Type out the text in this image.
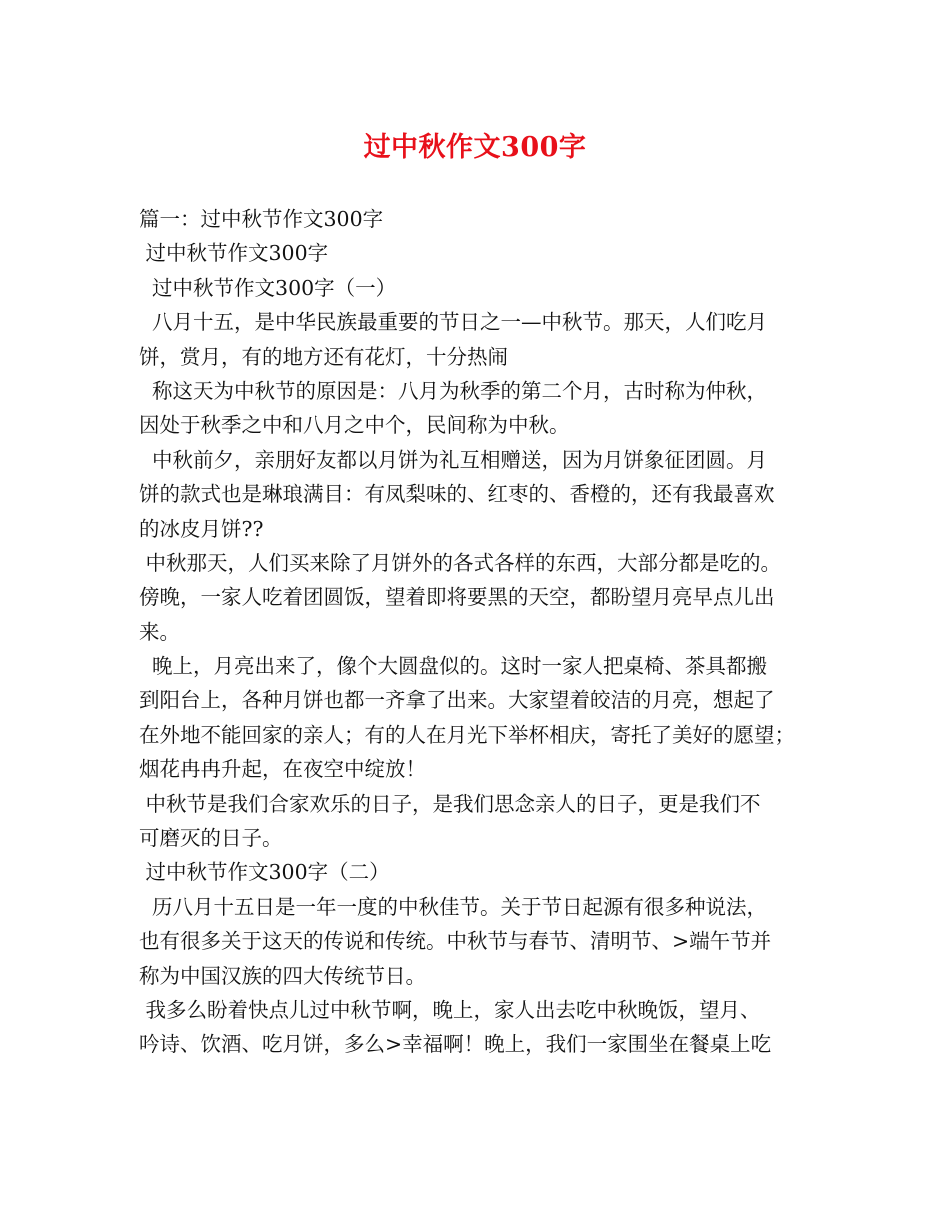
过中秋作文300字
篇一：过中秋节作文300字
过中秋节作文300字
过中秋节作文300字（一）
八月十五，是中华民族最重要的节日之一—中秋节。那天，人们吃月
饼，赏月，有的地方还有花灯，十分热闹
称这天为中秋节的原因是：八月为秋季的第二个月，古时称为仲秋，
因处于秋季之中和八月之中个，民间称为中秋。
中秋前夕，亲朋好友都以月饼为礼互相赠送，因为月饼象征团圆。月
饼的款式也是琳琅满目：有凤梨味的、红枣的、香橙的，还有我最喜欢
的冰皮月饼??
中秋那天，人们买来除了月饼外的各式各样的东西，大部分都是吃的。
傍晚，一家人吃着团圆饭，望着即将要黑的天空，都盼望月亮早点儿出
来。
晚上，月亮出来了，像个大圆盘似的。这时一家人把桌椅、茶具都搬
到阳台上，各种月饼也都一齐拿了出来。大家望着皎洁的月亮，想起了
在外地不能回家的亲人；有的人在月光下举杯相庆，寄托了美好的愿望；
烟花冉冉升起，在夜空中绽放！
中秋节是我们合家欢乐的日子，是我们思念亲人的日子，更是我们不
可磨灭的日子。
过中秋节作文300字（二）
历八月十五日是一年一度的中秋佳节。关于节日起源有很多种说法，
也有很多关于这天的传说和传统。中秋节与春节、清明节、>端午节并
称为中国汉族的四大传统节日。
我多么盼着快点儿过中秋节啊，晚上，家人出去吃中秋晚饭，望月、
吟诗、饮酒、吃月饼，多么>幸福啊！晚上，我们一家围坐在餐桌上吃
